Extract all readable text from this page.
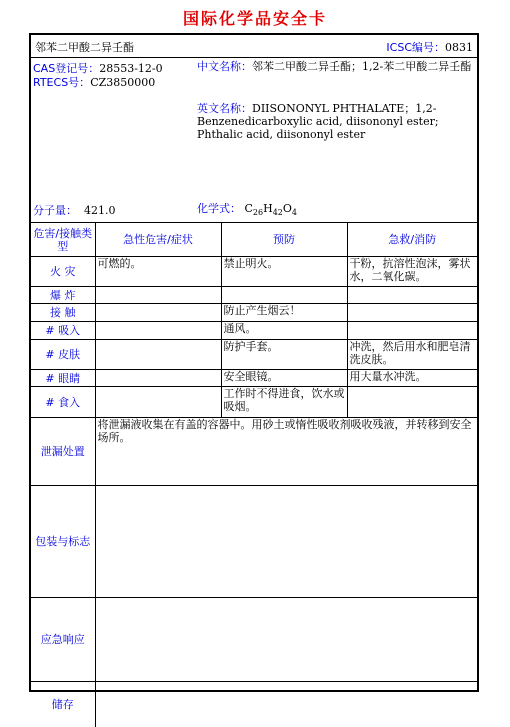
国际化学品安全卡
邻苯二甲酸二异壬酯	ICSC编号：0831
CAS登记号：28553-12-0
RTECS号：CZ3850000
中文名称：邻苯二甲酸二异壬酯；1,2-苯二甲酸二异壬酯
英文名称：DIISONONYL PHTHALATE；1,2-Benzenedicarboxylic acid, diisononyl ester; Phthalic acid, diisononyl ester
分子量： 421.0	化学式： $C_{26}H_{42}O_4$
危害/接触类型	急性危害/症状	预防	急救/消防
火 灾	可燃的。	禁止明火。	干粉，抗溶性泡沫，雾状水，二氧化碳。
爆 炸			
接 触		防止产生烟云！	
# 吸入		通风。	
# 皮肤		防护手套。	冲洗，然后用水和肥皂清洗皮肤。
# 眼睛		安全眼镜。	用大量水冲洗。
# 食入		工作时不得进食，饮水或吸烟。	
泄漏处置	将泄漏液收集在有盖的容器中。用砂土或惰性吸收剂吸收残液，并转移到安全场所。		
包装与标志			
应急响应			
储存			
